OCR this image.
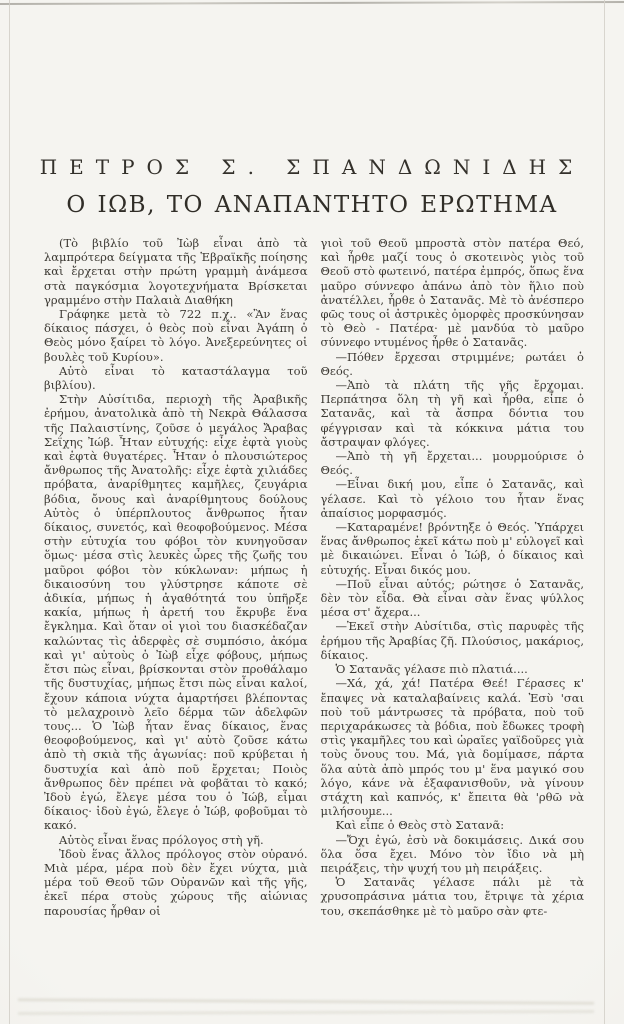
ΠΕΤΡΟΣ Σ. ΣΠΑΝΔΩΝΙΔΗΣ
Ο ΙΩΒ, ΤΟ ΑΝΑΠΑΝΤΗΤΟ ΕΡΩΤΗΜΑ

(Τὸ βιβλίο τοῦ Ἰὼβ εἶναι ἀπὸ τὰ λαμπρότερα δείγματα τῆς Ἑβραϊκῆς ποίησης καὶ ἔρχεται στὴν πρώτη γραμμὴ ἀνάμεσα στὰ παγκόσμια λογοτεχνήματα Βρίσκεται γραμμένο στὴν Παλαιὰ Διαθήκη

Γράφηκε μετὰ τὸ 722 π.χ.. «Ἂν ἕνας δίκαιος πάσχει, ὁ θεὸς ποὺ εἶναι Ἀγάπη ὁ Θεὸς μόνο ξαίρει τὸ λόγο. Ἀνεξερεύνητες οἱ βουλὲς τοῦ Κυρίου».

Αὐτὸ εἶναι τὸ καταστάλαγμα τοῦ βιβλίου).

Στὴν Αὐσίτιδα, περιοχὴ τῆς Ἀραβικῆς ἐρήμου, ἀνατολικὰ ἀπὸ τὴ Νεκρὰ Θάλασσα τῆς Παλαιστίνης, ζοῦσε ὁ μεγάλος Ἄραβας Σεΐχης Ἰώβ. Ἦταν εὐτυχής: εἶχε ἑφτὰ γιοὺς καὶ ἑφτὰ θυγατέρες. Ἦταν ὁ πλουσιώτερος ἄνθρωπος τῆς Ἀνατολῆς: εἶχε ἑφτὰ χιλιάδες πρόβατα, ἀναρίθμητες καμῆλες, ζευγάρια βόδια, ὄνους καὶ ἀναρίθμητους δούλους Αὐτὸς ὁ ὑπέρπλουτος ἄνθρωπος ἦταν δίκαιος, συνετός, καὶ θεοφοβούμενος. Μέσα στὴν εὐτυχία του φόβοι τὸν κυνηγοῦσαν ὅμως· μέσα στὶς λευκὲς ὧρες τῆς ζωῆς του μαῦροι φόβοι τὸν κύκλωναν: μήπως ἡ δικαιοσύνη του γλύστρησε κάποτε σὲ ἀδικία, μήπως ἡ ἀγαθότητά του ὑπῆρξε κακία, μήπως ἡ ἀρετή του ἔκρυβε ἕνα ἔγκλημα. Καὶ ὅταν οἱ γιοὶ του διασκέδαζαν καλώντας τὶς ἀδερφὲς σὲ συμπόσιο, ἀκόμα καὶ γι' αὐτοὺς ὁ Ἰὼβ εἶχε φόβους, μήπως ἔτσι πὼς εἶναι, βρίσκονται στὸν προθάλαμο τῆς δυστυχίας, μήπως ἔτσι πὼς εἶναι καλοί, ἔχουν κάποια νύχτα ἁμαρτήσει βλέποντας τὸ μελαχροινὸ λεῖο δέρμα τῶν ἀδελφῶν τους... Ὁ Ἰὼβ ἦταν ἕνας δίκαιος, ἕνας θεοφοβούμενος, καὶ γι' αὐτὸ ζοῦσε κάτω ἀπὸ τὴ σκιὰ τῆς ἀγωνίας: ποῦ κρύβεται ἡ δυστυχία καὶ ἀπὸ ποῦ ἔρχεται; Ποιὸς ἄνθρωπος δὲν πρέπει νὰ φοβᾶται τὸ κακό; Ἰδοὺ ἐγώ, ἔλεγε μέσα του ὁ Ἰώβ, εἶμαι δίκαιος· ἰδοὺ ἐγώ, ἔλεγε ὁ Ἰώβ, φοβοῦμαι τὸ κακό.

Αὐτὸς εἶναι ἕνας πρόλογος στὴ γῆ.

Ἰδοὺ ἕνας ἄλλος πρόλογος στὸν οὐρανό. Μιὰ μέρα, μέρα ποὺ δὲν ἔχει νύχτα, μιὰ μέρα τοῦ Θεοῦ τῶν Οὐρανῶν καὶ τῆς γῆς, ἐκεῖ πέρα στοὺς χώρους τῆς αἰώνιας παρουσίας ἦρθαν οἱ

γιοὶ τοῦ Θεοῦ μπροστὰ στὸν πατέρα Θεό, καὶ ἦρθε μαζί τους ὁ σκοτεινὸς γιὸς τοῦ Θεοῦ στὸ φωτεινό, πατέρα ἐμπρός, ὅπως ἕνα μαῦρο σύννεφο ἀπάνω ἀπὸ τὸν ἥλιο ποὺ ἀνατέλλει, ἦρθε ὁ Σατανᾶς. Μὲ τὸ ἀνέσπερο φῶς τους οἱ ἀστρικὲς ὀμορφὲς προσκύνησαν τὸ Θεὸ - Πατέρα· μὲ μανδύα τὸ μαῦρο σύννεφο ντυμένος ἦρθε ὁ Σατανᾶς.

—Πόθεν ἔρχεσαι στριμμένε; ρωτάει ὁ Θεός.

—Ἀπὸ τὰ πλάτη τῆς γῆς ἔρχομαι. Περπάτησα ὅλη τὴ γῆ καὶ ἦρθα, εἶπε ὁ Σατανᾶς, καὶ τὰ ἄσπρα δόντια του φέγγρισαν καὶ τὰ κόκκινα μάτια του ἄστραψαν φλόγες.

—Ἀπὸ τὴ γῆ ἔρχεται... μουρμούρισε ὁ Θεός.

—Εἶναι δική μου, εἶπε ὁ Σατανᾶς, καὶ γέλασε. Καὶ τὸ γέλοιο του ἦταν ἕνας ἀπαίσιος μορφασμός.

—Καταραμένε! βρόντηξε ὁ Θεός. Ὑπάρχει ἕνας ἄνθρωπος ἐκεῖ κάτω ποὺ μ' εὐλογεῖ καὶ μὲ δικαιώνει. Εἶναι ὁ Ἰώβ, ὁ δίκαιος καὶ εὐτυχής. Εἶναι δικός μου.

—Ποῦ εἶναι αὐτός; ρώτησε ὁ Σατανᾶς, δὲν τὸν εἶδα. Θὰ εἶναι σὰν ἕνας ψύλλος μέσα στ' ἄχερα...

—Ἐκεῖ στὴν Αὐσίτιδα, στὶς παρυφὲς τῆς ἐρήμου τῆς Ἀραβίας ζῆ. Πλούσιος, μακάριος, δίκαιος.

Ὁ Σατανᾶς γέλασε πιὸ πλατιά....

—Χά, χά, χά! Πατέρα Θεέ! Γέρασες κ' ἔπαψες νὰ καταλαβαίνεις καλά. Ἐσὺ 'σαι ποὺ τοῦ μάντρωσες τὰ πρόβατα, ποὺ τοῦ περιχαράκωσες τὰ βόδια, ποὺ ἔδωκες τροφὴ στὶς γκαμῆλες του καὶ ὡραῖες γαϊδοῦρες γιὰ τοὺς ὄνους του. Μά, γιὰ δομίμασε, πάρτα ὅλα αὐτὰ ἀπὸ μπρός του μ' ἕνα μαγικό σου λόγο, κάνε νὰ ἐξαφανισθοῦν, νὰ γίνουν στάχτη καὶ καπνός, κ' ἔπειτα θὰ 'ρθῶ νὰ μιλήσουμε...

Καὶ εἶπε ὁ Θεὸς στὸ Σατανᾶ:

—Ὄχι ἐγώ, ἐσὺ νὰ δοκιμάσεις. Δικά σου ὅλα ὅσα ἔχει. Μόνο τὸν ἴδιο νὰ μὴ πειράξεις, τὴν ψυχή του μὴ πειράξεις.

Ὁ Σατανᾶς γέλασε πάλι μὲ τὰ χρυσοπράσινα μάτια του, ἔτριψε τὰ χέρια του, σκεπάσθηκε μὲ τὸ μαῦρο σὰν φτε-
